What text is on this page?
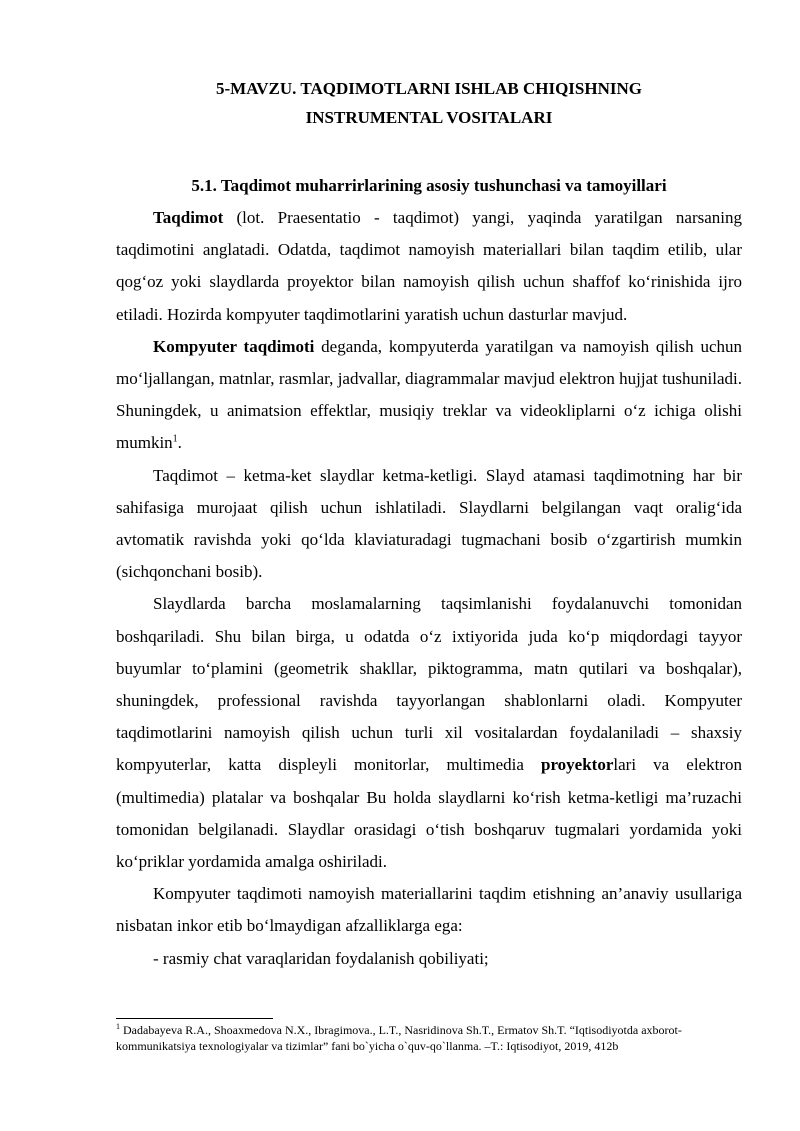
5-MAVZU. TAQDIMOTLARNI ISHLAB CHIQISHNING
INSTRUMENTAL VOSITALARI
5.1. Taqdimot muharrirlarining asosiy tushunchasi va tamoyillari

Taqdimot (lot. Praesentatio - taqdimot) yangi, yaqinda yaratilgan narsaning taqdimotini anglatadi. Odatda, taqdimot namoyish materiallari bilan taqdim etilib, ular qog‘oz yoki slaydlarda proyektor bilan namoyish qilish uchun shaffof ko‘rinishida ijro etiladi. Hozirda kompyuter taqdimotlarini yaratish uchun dasturlar mavjud.

Kompyuter taqdimoti deganda, kompyuterda yaratilgan va namoyish qilish uchun mo‘ljallangan, matnlar, rasmlar, jadvallar, diagrammalar mavjud elektron hujjat tushuniladi. Shuningdek, u animatsion effektlar, musiqiy treklar va videokliplarni o‘z ichiga olishi mumkin$^1$.

Taqdimot – ketma-ket slaydlar ketma-ketligi. Slayd atamasi taqdimotning har bir sahifasiga murojaat qilish uchun ishlatiladi. Slaydlarni belgilangan vaqt oralig‘ida avtomatik ravishda yoki qo‘lda klaviaturadagi tugmachani bosib o‘zgartirish mumkin (sichqonchani bosib).

Slaydlarda barcha moslamalarning taqsimlanishi foydalanuvchi tomonidan boshqariladi. Shu bilan birga, u odatda o‘z ixtiyorida juda ko‘p miqdordagi tayyor buyumlar to‘plamini (geometrik shakllar, piktogramma, matn qutilari va boshqalar), shuningdek, professional ravishda tayyorlangan shablonlarni oladi. Kompyuter taqdimotlarini namoyish qilish uchun turli xil vositalardan foydalaniladi – shaxsiy kompyuterlar, katta displeyli monitorlar, multimedia proyektorlari va elektron (multimedia) platalar va boshqalar Bu holda slaydlarni ko‘rish ketma-ketligi ma’ruzachi tomonidan belgilanadi. Slaydlar orasidagi o‘tish boshqaruv tugmalari yordamida yoki ko‘priklar yordamida amalga oshiriladi.

Kompyuter taqdimoti namoyish materiallarini taqdim etishning an’anaviy usullariga nisbatan inkor etib bo‘lmaydigan afzalliklarga ega:

- rasmiy chat varaqlaridan foydalanish qobiliyati;

$^1$ Dadabayeva R.A., Shoaxmedova N.X., Ibragimova., L.T., Nasridinova Sh.T., Ermatov Sh.T. “Iqtisodiyotda axborot-kommunikatsiya texnologiyalar va tizimlar” fani bo`yicha o`quv-qo`llanma. –T.: Iqtisodiyot, 2019, 412b
